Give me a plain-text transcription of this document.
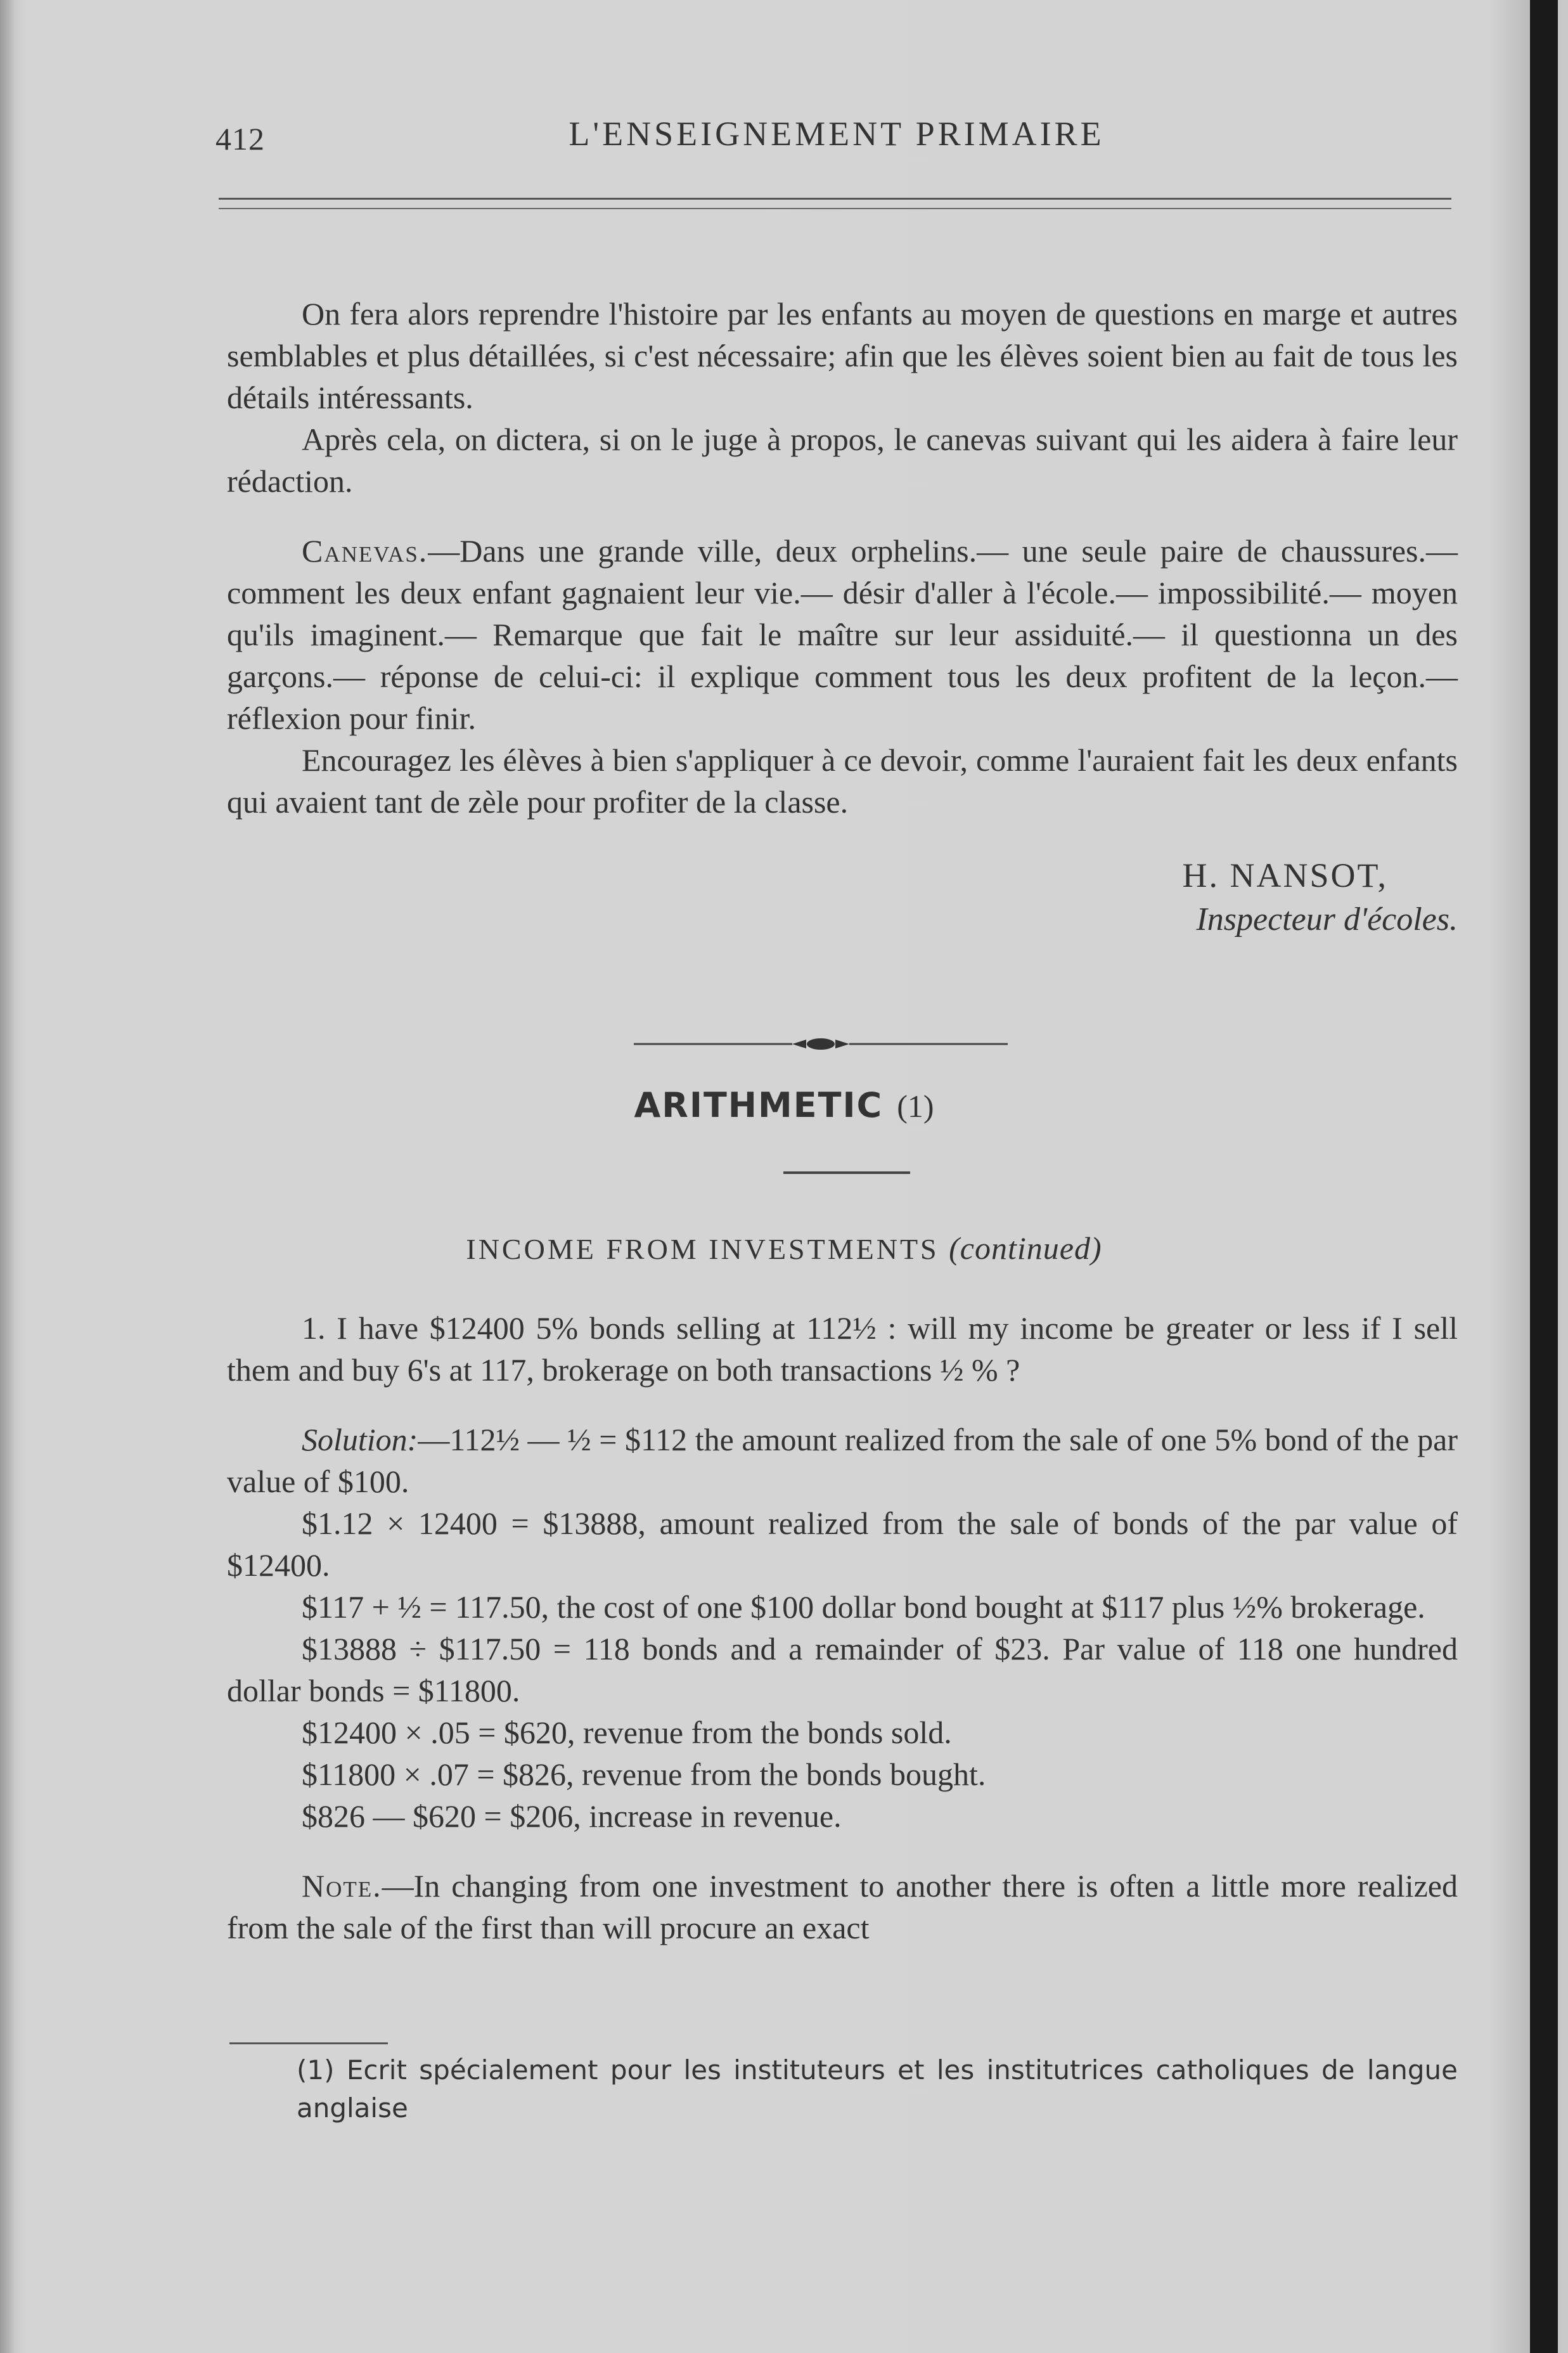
412	L'ENSEIGNEMENT PRIMAIRE

On fera alors reprendre l'histoire par les enfants au moyen de questions en marge et autres semblables et plus détaillées, si c'est nécessaire; afin que les élèves soient bien au fait de tous les détails intéressants.

Après cela, on dictera, si on le juge à propos, le canevas suivant qui les aidera à faire leur rédaction.

Canevas.—Dans une grande ville, deux orphelins.— une seule paire de chaussures.— comment les deux enfant gagnaient leur vie.— désir d'aller à l'école.— impossibilité.— moyen qu'ils imaginent.— Remarque que fait le maître sur leur assiduité.— il questionna un des garçons.— réponse de celui-ci: il explique comment tous les deux profitent de la leçon.—réflexion pour finir.

Encouragez les élèves à bien s'appliquer à ce devoir, comme l'auraient fait les deux enfants qui avaient tant de zèle pour profiter de la classe.

H. NANSOT,
Inspecteur d'écoles.
ARITHMETIC (1)
INCOME FROM INVESTMENTS (continued)

1. I have $12400 5% bonds selling at 112½ : will my income be greater or less if I sell them and buy 6's at 117, brokerage on both transactions ½ % ?

Solution:—112½ — ½ = $112 the amount realized from the sale of one 5% bond of the par value of $100.

$1.12 × 12400 = $13888, amount realized from the sale of bonds of the par value of $12400.

$117 + ½ = 117.50, the cost of one $100 dollar bond bought at $117 plus ½% brokerage.

$13888 ÷ $117.50 = 118 bonds and a remainder of $23. Par value of 118 one hundred dollar bonds = $11800.

$12400 × .05 = $620, revenue from the bonds sold.

$11800 × .07 = $826, revenue from the bonds bought.

$826 — $620 = $206, increase in revenue.

Note.—In changing from one investment to another there is often a little more realized from the sale of the first than will procure an exact

(1) Ecrit spécialement pour les instituteurs et les institutrices catholiques de langue anglaise
